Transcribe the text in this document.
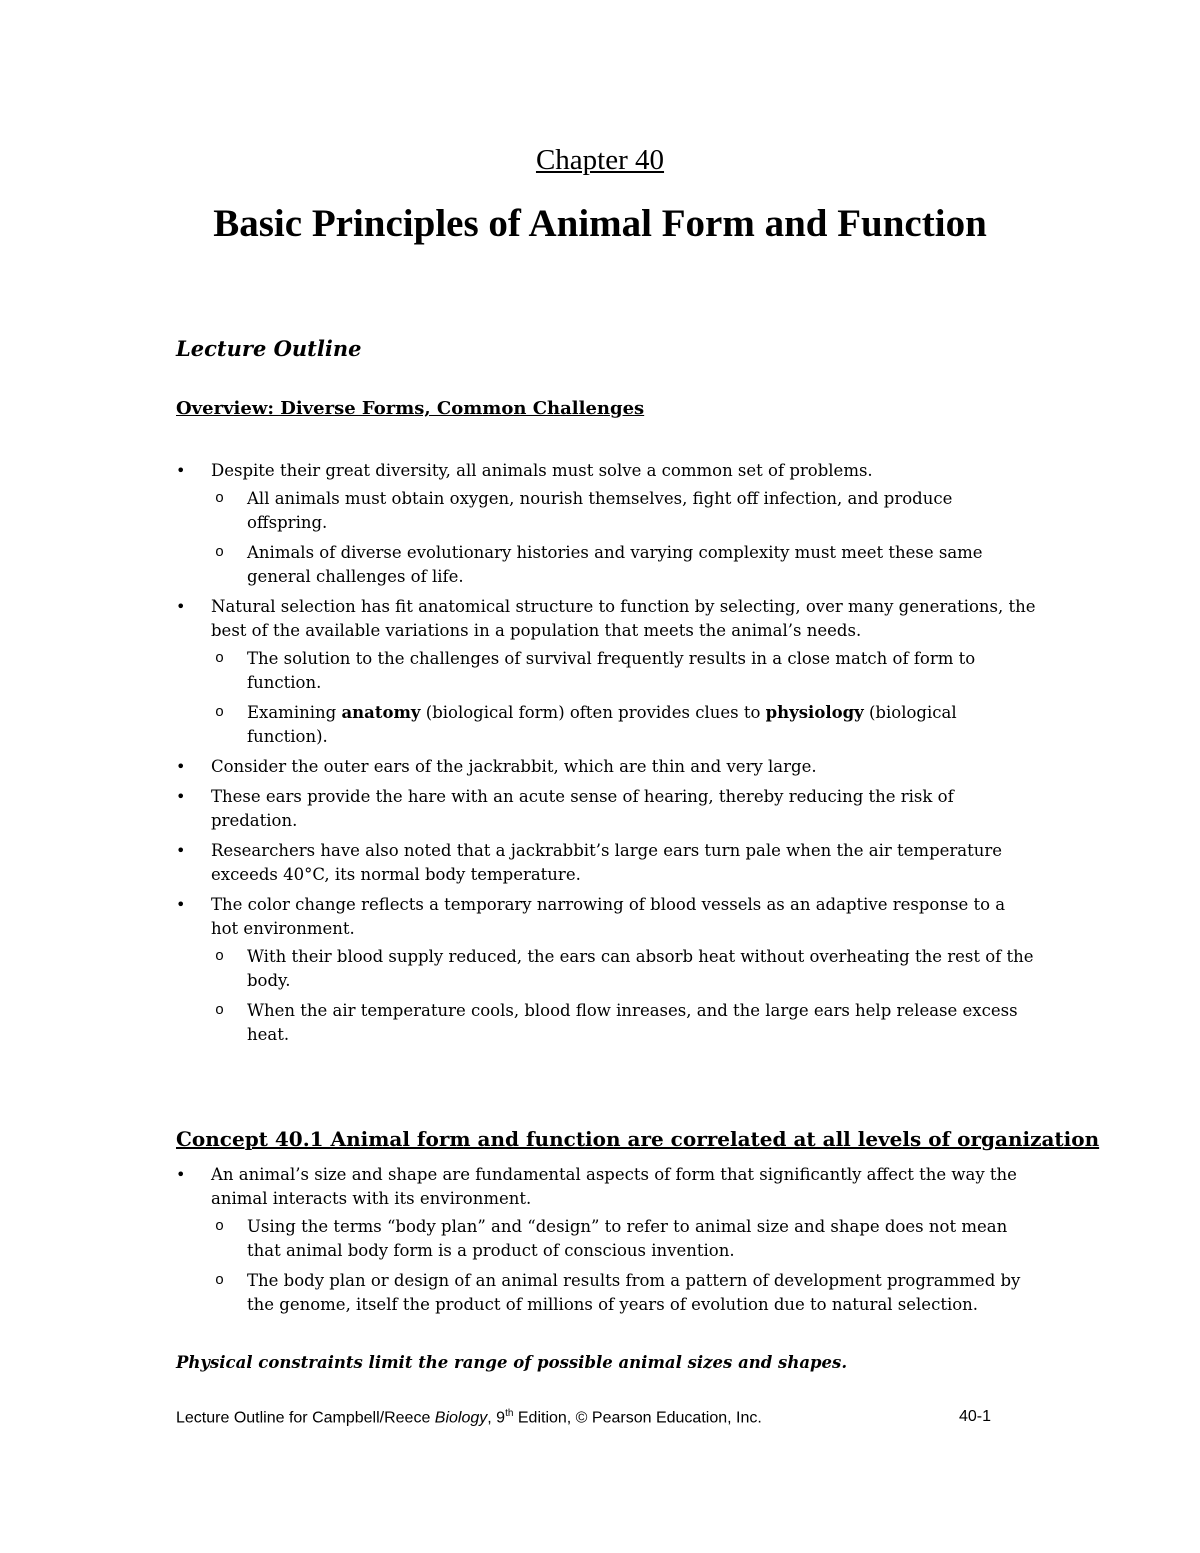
Chapter 40
Basic Principles of Animal Form and Function
Lecture Outline
Overview: Diverse Forms, Common Challenges
•	Despite their great diversity, all animals must solve a common set of problems.
o All animals must obtain oxygen, nourish themselves, fight off infection, and produce offspring.
o Animals of diverse evolutionary histories and varying complexity must meet these same general challenges of life.
•	Natural selection has fit anatomical structure to function by selecting, over many generations, the best of the available variations in a population that meets the animal’s needs.
o The solution to the challenges of survival frequently results in a close match of form to function.
o Examining anatomy (biological form) often provides clues to physiology (biological function).
•	Consider the outer ears of the jackrabbit, which are thin and very large.
•	These ears provide the hare with an acute sense of hearing, thereby reducing the risk of predation.
•	Researchers have also noted that a jackrabbit’s large ears turn pale when the air temperature exceeds 40°C, its normal body temperature.
•	The color change reflects a temporary narrowing of blood vessels as an adaptive response to a hot environment.
o With their blood supply reduced, the ears can absorb heat without overheating the rest of the body.
o When the air temperature cools, blood flow inreases, and the large ears help release excess heat.
Concept 40.1 Animal form and function are correlated at all levels of organization
•	An animal’s size and shape are fundamental aspects of form that significantly affect the way the animal interacts with its environment.
o Using the terms “body plan” and “design” to refer to animal size and shape does not mean that animal body form is a product of conscious invention.
o The body plan or design of an animal results from a pattern of development programmed by the genome, itself the product of millions of years of evolution due to natural selection.
Physical constraints limit the range of possible animal sizes and shapes.
Lecture Outline for Campbell/Reece Biology, 9th Edition, © Pearson Education, Inc.	40-1
